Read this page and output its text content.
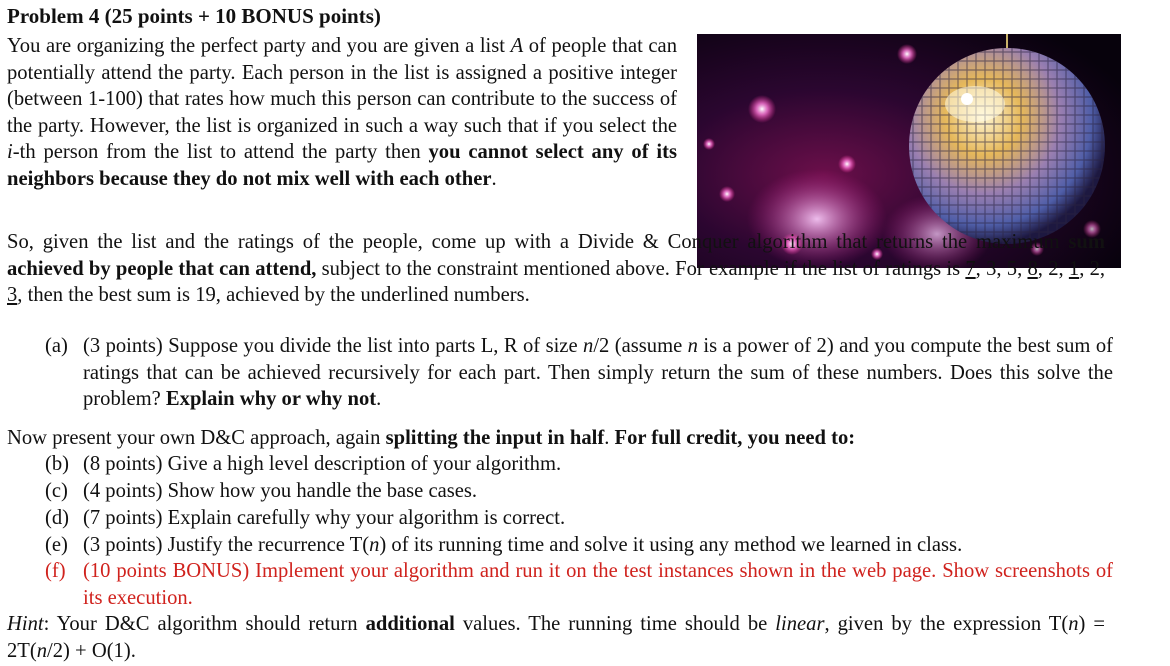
Problem 4 (25 points + 10 BONUS points)
You are organizing the perfect party and you are given a list A of people that can potentially attend the party. Each person in the list is assigned a positive integer (between 1-100) that rates how much this person can contribute to the success of the party. However, the list is organized in such a way such that if you select the i-th person from the list to attend the party then you cannot select any of its neighbors because they do not mix well with each other.
So, given the list and the ratings of the people, come up with a Divide & Conquer algorithm that returns the maximum sum achieved by people that can attend, subject to the constraint mentioned above. For example if the list of ratings is 7, 3, 5, 8, 2, 1, 2, 3, then the best sum is 19, achieved by the underlined numbers.
(a) (3 points) Suppose you divide the list into parts L, R of size n/2 (assume n is a power of 2) and you compute the best sum of ratings that can be achieved recursively for each part. Then simply return the sum of these numbers. Does this solve the problem? Explain why or why not.
Now present your own D&C approach, again splitting the input in half. For full credit, you need to:
(b) (8 points) Give a high level description of your algorithm.
(c) (4 points) Show how you handle the base cases.
(d) (7 points) Explain carefully why your algorithm is correct.
(e) (3 points) Justify the recurrence T(n) of its running time and solve it using any method we learned in class.
(f) (10 points BONUS) Implement your algorithm and run it on the test instances shown in the web page. Show screenshots of its execution.
Hint: Your D&C algorithm should return additional values. The running time should be linear, given by the expression T(n) = 2T(n/2) + O(1).
